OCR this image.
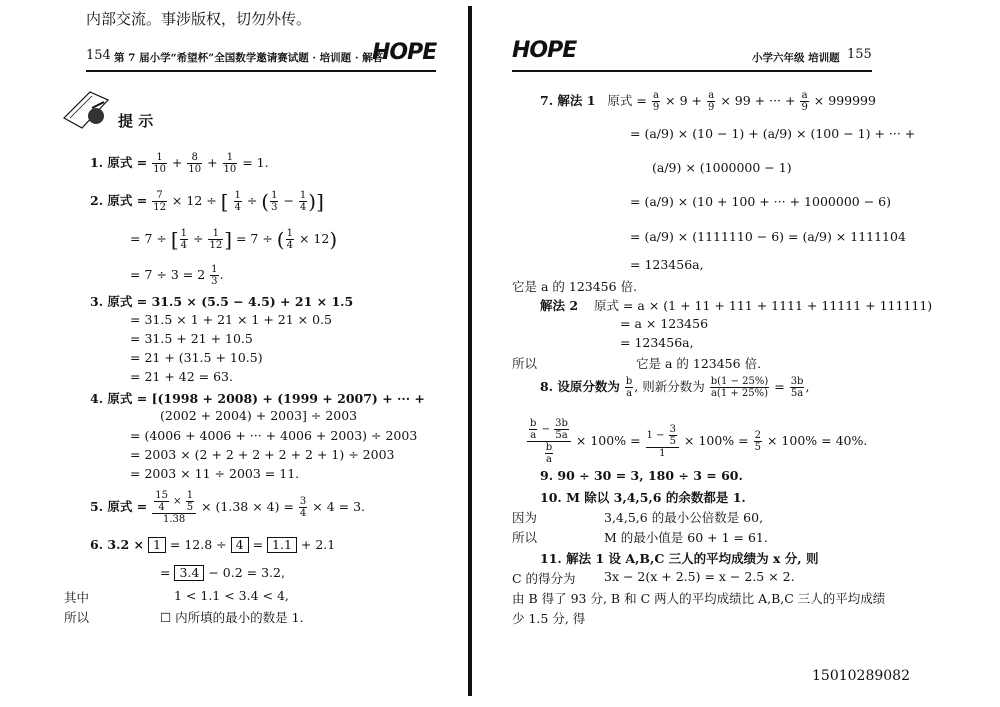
内部交流。事涉版权，切勿外传。
154 第 7 届小学“希望杯”全国数学邀请赛试题 · 培训题 · 解答
HOPE
提 示
1. 原式 = $\frac{1}{10} + \frac{8}{10} + \frac{1}{10} = 1$.
2. 原式 = $\frac{7}{12} \times 12$ ÷ [ $\frac{1}{4}$ ÷ ( $\frac{1}{3} - \frac{1}{4}$ )]
= 7 ÷ [ $\frac{1}{4} \div \frac{1}{12}$ ] = 7 ÷ ( $\frac{1}{4} \times 12$)
= $7 \div 3 = 2 \frac{1}{3}$ .
3. 原式 = 31.5 × (5.5 − 4.5) + 21 × 1.5
= 31.5 × 1 + 21 × 1 + 21 × 0.5
= 31.5 + 21 + 10.5
= 21 + (31.5 + 10.5)
= 21 + 42 = 63.
4. 原式 = [(1998 + 2008) + (1999 + 2007) + ··· +
(2002 + 2004) + 2003] ÷ 2003
= (4006 + 4006 + ··· + 4006 + 2003) ÷ 2003
= 2003 × (2 + 2 + 2 + 2 + 2 + 1) ÷ 2003
= 2003 × 11 ÷ 2003 = 11.
5. 原式 = $\frac{\frac{15}{4} \times \frac{1}{5}}{1.38} \times (1.38 \times 4) = \frac{3}{4} \times 4 = 3$.
6. 3.2 × 1 = 12.8 ÷ 4 = 1.1 + 2.1
= 3.4 − 0.2 = 3.2,
其中	1 < 1.1 < 3.4 < 4,
所以	☐ 内所填的最小的数是 1.
HOPE	小学六年级 培训题 155
7. 解法 1 原式 = $\frac{a}{9} \times 9 + \frac{a}{9} \times 99$ + ··· + $\frac{a}{9} \times 999999$
= (a/9) × (10 − 1) + (a/9) × (100 − 1) + ··· +
(a/9) × (1000000 − 1)
= (a/9) × (10 + 100 + ··· + 1000000 − 6)
= (a/9) × (1111110 − 6) = (a/9) × 1111104
= 123456a,
它是 a 的 123456 倍.
解法 2 原式 = a × (1 + 11 + 111 + 1111 + 11111 + 111111)
= a × 123456
= 123456a,
所以	它是 a 的 123456 倍.
8. 设原分数为 $\frac{b}{a}$ , 则新分数为 $\frac{b(1 - 25\%)}{a(1 + 25\%)} = \frac{3b}{5a}$ ,
$\frac{\frac{b}{a} - \frac{3b}{5a}}{\frac{b}{a}} \times 100\% = \frac{1 - \frac{3}{5}}{1} \times 100\% = \frac{2}{5} \times 100\% = 40\%$.
9. 90 ÷ 30 = 3, 180 ÷ 3 = 60.
10. M 除以 3,4,5,6 的余数都是 1.
因为	3,4,5,6 的最小公倍数是 60,
所以	M 的最小值是 60 + 1 = 61.
11. 解法 1 设 A,B,C 三人的平均成绩为 x 分, 则
C 的得分为 3x − 2(x + 2.5) = x − 2.5 × 2.
由 B 得了 93 分, B 和 C 两人的平均成绩比 A,B,C 三人的平均成绩
少 1.5 分, 得
15010289082
